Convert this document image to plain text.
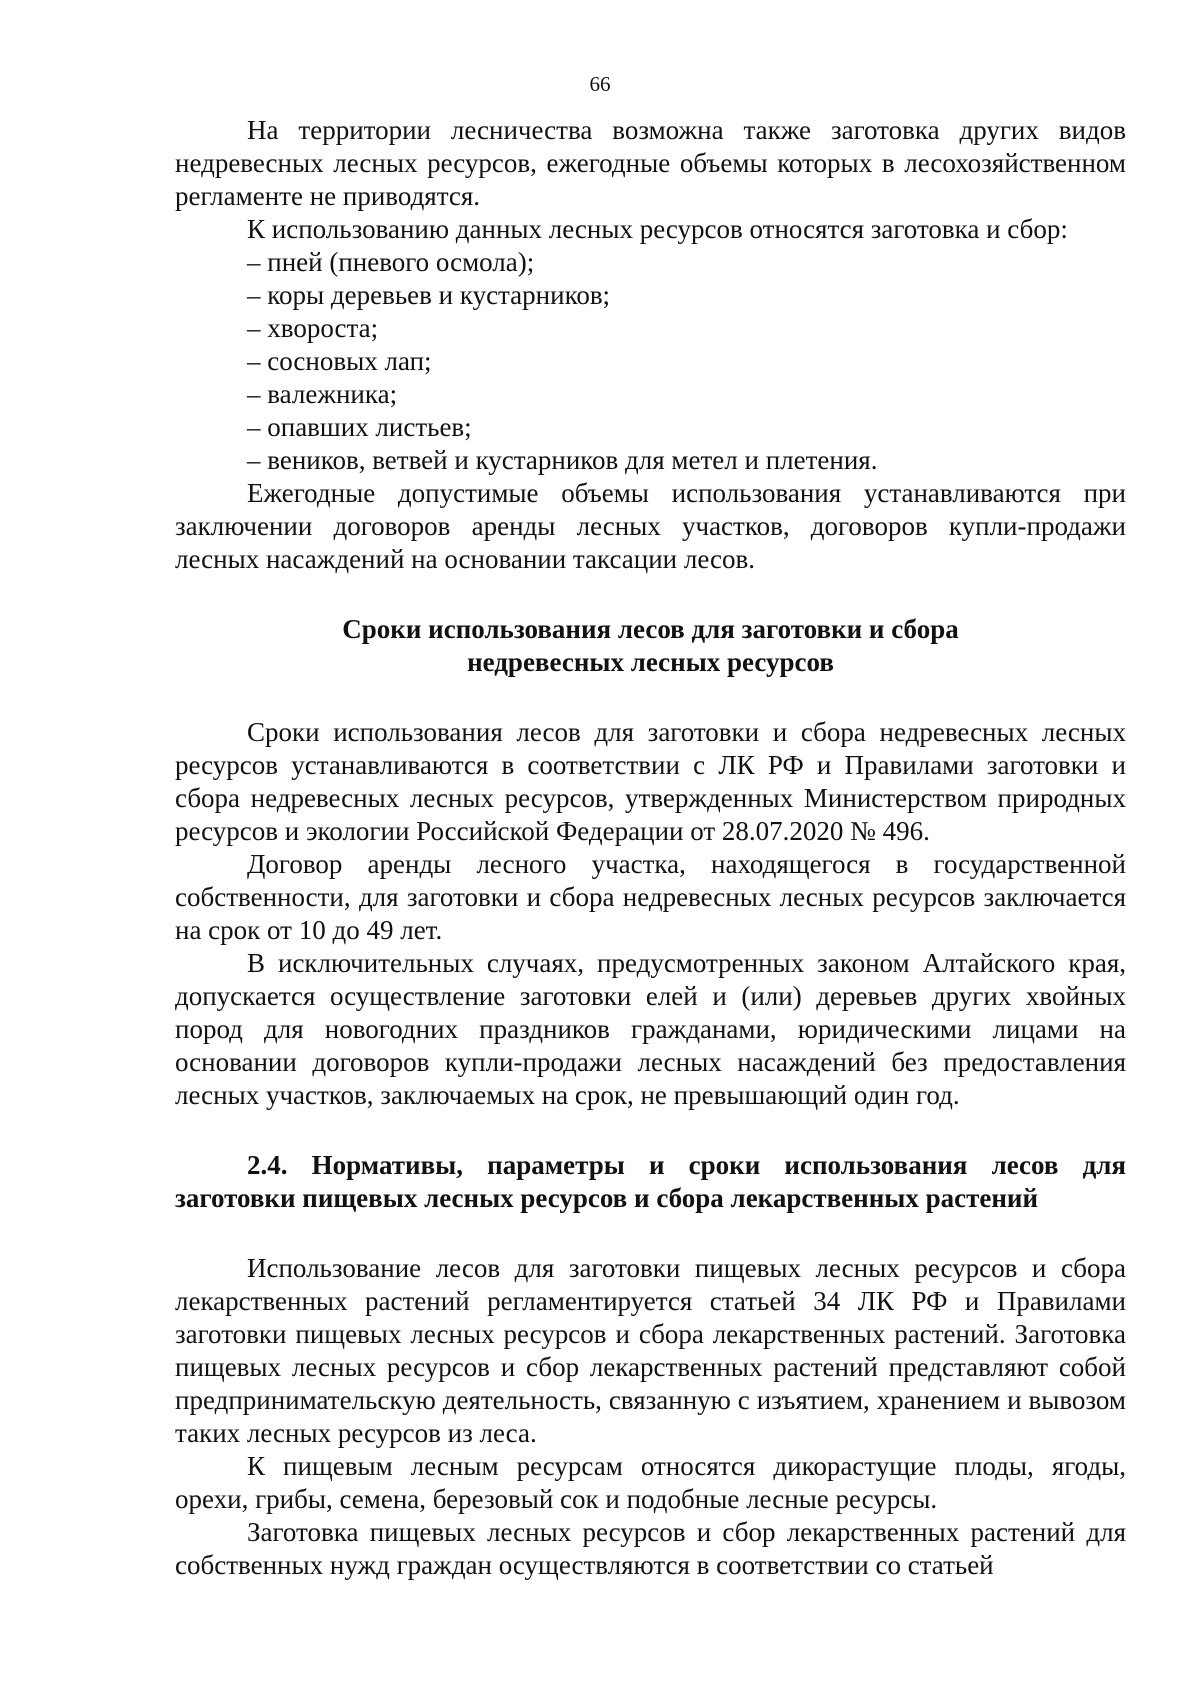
66

На территории лесничества возможна также заготовка других видов недревесных лесных ресурсов, ежегодные объемы которых в лесохозяйственном регламенте не приводятся.

К использованию данных лесных ресурсов относятся заготовка и сбор:

– пней (пневого осмола);
– коры деревьев и кустарников;
– хвороста;
– сосновых лап;
– валежника;
– опавших листьев;
– веников, ветвей и кустарников для метел и плетения.

Ежегодные допустимые объемы использования устанавливаются при заключении договоров аренды лесных участков, договоров купли-продажи лесных насаждений на основании таксации лесов.

Сроки использования лесов для заготовки и сбора
недревесных лесных ресурсов

Сроки использования лесов для заготовки и сбора недревесных лесных ресурсов устанавливаются в соответствии с ЛК РФ и Правилами заготовки и сбора недревесных лесных ресурсов, утвержденных Министерством природных ресурсов и экологии Российской Федерации от 28.07.2020 № 496.

Договор аренды лесного участка, находящегося в государственной собственности, для заготовки и сбора недревесных лесных ресурсов заключается на срок от 10 до 49 лет.

В исключительных случаях, предусмотренных законом Алтайского края, допускается осуществление заготовки елей и (или) деревьев других хвойных пород для новогодних праздников гражданами, юридическими лицами на основании договоров купли-продажи лесных насаждений без предоставления лесных участков, заключаемых на срок, не превышающий один год.

2.4. Нормативы, параметры и сроки использования лесов для заготовки пищевых лесных ресурсов и сбора лекарственных растений

Использование лесов для заготовки пищевых лесных ресурсов и сбора лекарственных растений регламентируется статьей 34 ЛК РФ и Правилами заготовки пищевых лесных ресурсов и сбора лекарственных растений. Заготовка пищевых лесных ресурсов и сбор лекарственных растений представляют собой предпринимательскую деятельность, связанную с изъятием, хранением и вывозом таких лесных ресурсов из леса.

К пищевым лесным ресурсам относятся дикорастущие плоды, ягоды, орехи, грибы, семена, березовый сок и подобные лесные ресурсы.

Заготовка пищевых лесных ресурсов и сбор лекарственных растений для собственных нужд граждан осуществляются в соответствии со статьей
